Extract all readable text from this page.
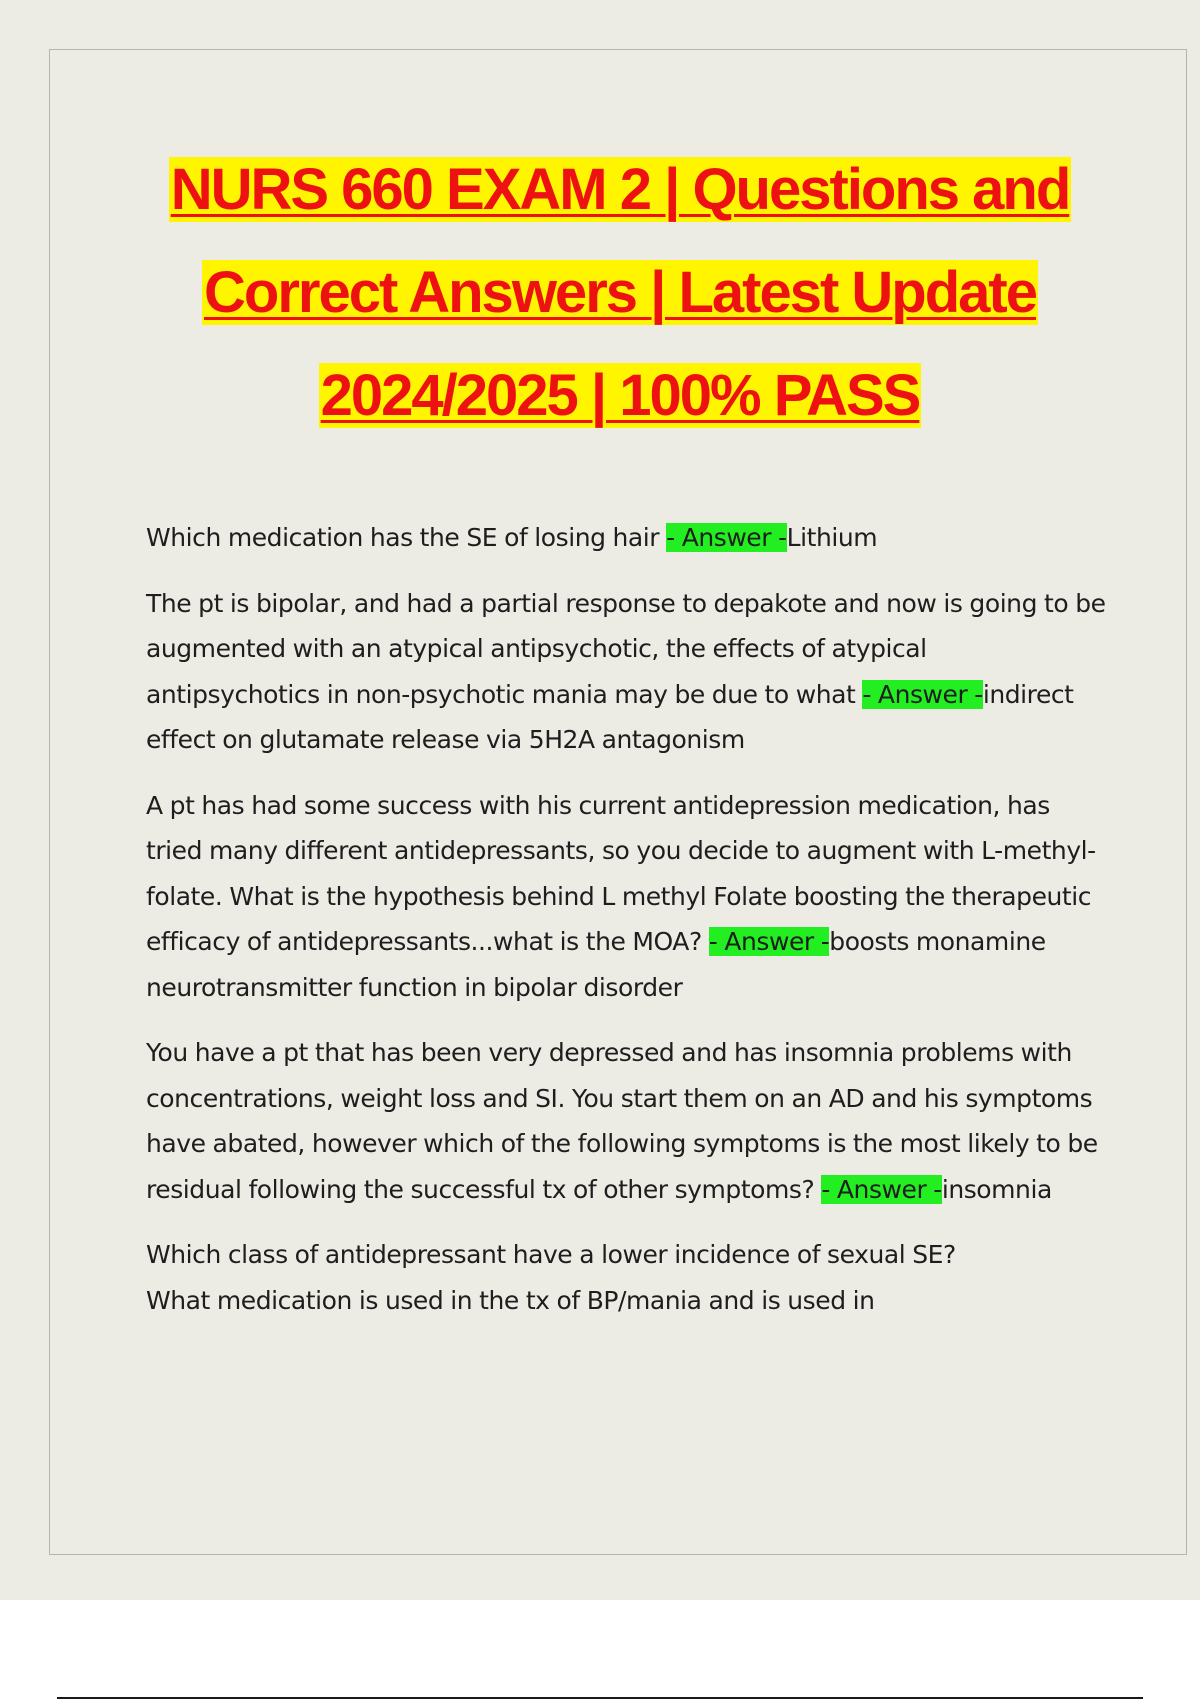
NURS 660 EXAM 2 | Questions and
Correct Answers | Latest Update
2024/2025 | 100% PASS

Which medication has the SE of losing hair - Answer -Lithium

The pt is bipolar, and had a partial response to depakote and now is going to be augmented with an atypical antipsychotic, the effects of atypical antipsychotics in non-psychotic mania may be due to what - Answer -indirect effect on glutamate release via 5H2A antagonism

A pt has had some success with his current antidepression medication, has tried many different antidepressants, so you decide to augment with L-methyl-folate. What is the hypothesis behind L methyl Folate boosting the therapeutic efficacy of antidepressants...what is the MOA? - Answer -boosts monamine neurotransmitter function in bipolar disorder

You have a pt that has been very depressed and has insomnia problems with concentrations, weight loss and SI. You start them on an AD and his symptoms have abated, however which of the following symptoms is the most likely to be residual following the successful tx of other symptoms? - Answer -insomnia

Which class of antidepressant have a lower incidence of sexual SE?
What medication is used in the tx of BP/mania and is used in
